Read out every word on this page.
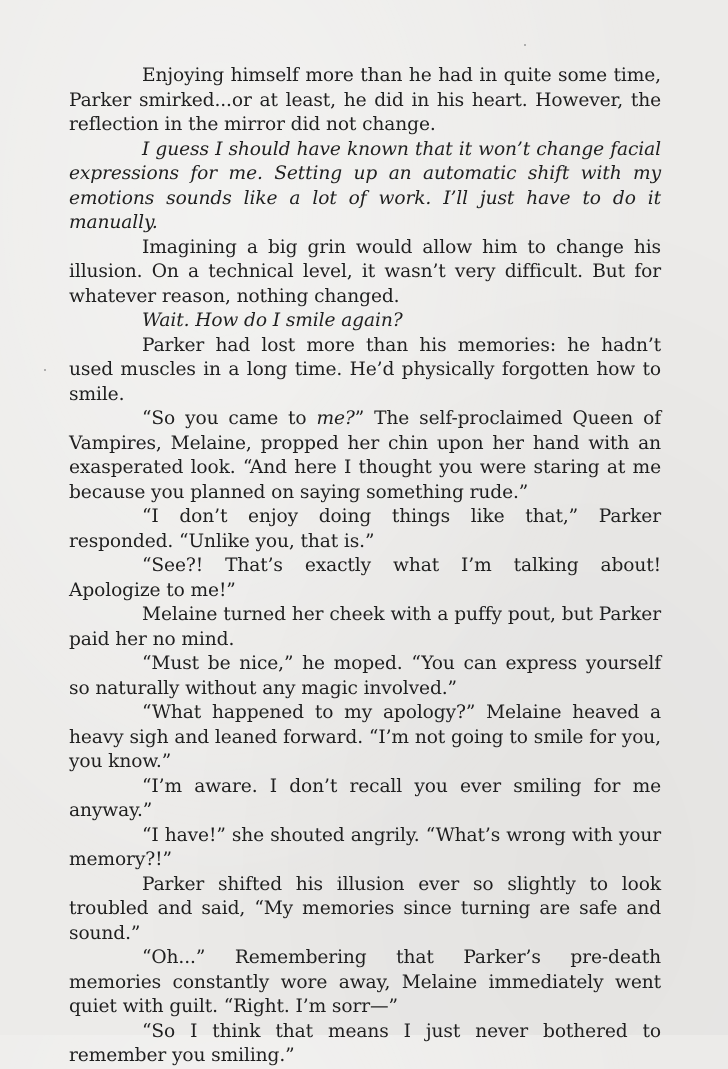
Enjoying himself more than he had in quite some time, Parker smirked...or at least, he did in his heart. However, the reflection in the mirror did not change.

I guess I should have known that it won’t change facial expressions for me. Setting up an automatic shift with my emotions sounds like a lot of work. I’ll just have to do it manually.

Imagining a big grin would allow him to change his illusion. On a technical level, it wasn’t very difficult. But for whatever reason, nothing changed.

Wait. How do I smile again?

Parker had lost more than his memories: he hadn’t used muscles in a long time. He’d physically forgotten how to smile.

“So you came to me?” The self-proclaimed Queen of Vampires, Melaine, propped her chin upon her hand with an exasperated look. “And here I thought you were staring at me because you planned on saying something rude.”

“I don’t enjoy doing things like that,” Parker responded. “Unlike you, that is.”

“See?! That’s exactly what I’m talking about! Apologize to me!”

Melaine turned her cheek with a puffy pout, but Parker paid her no mind.

“Must be nice,” he moped. “You can express yourself so naturally without any magic involved.”

“What happened to my apology?” Melaine heaved a heavy sigh and leaned forward. “I’m not going to smile for you, you know.”

“I’m aware. I don’t recall you ever smiling for me anyway.”

“I have!” she shouted angrily. “What’s wrong with your memory?!”

Parker shifted his illusion ever so slightly to look troubled and said, “My memories since turning are safe and sound.”

“Oh...” Remembering that Parker’s pre-death memories constantly wore away, Melaine immediately went quiet with guilt. “Right. I’m sorr—”

“So I think that means I just never bothered to remember you smiling.”
